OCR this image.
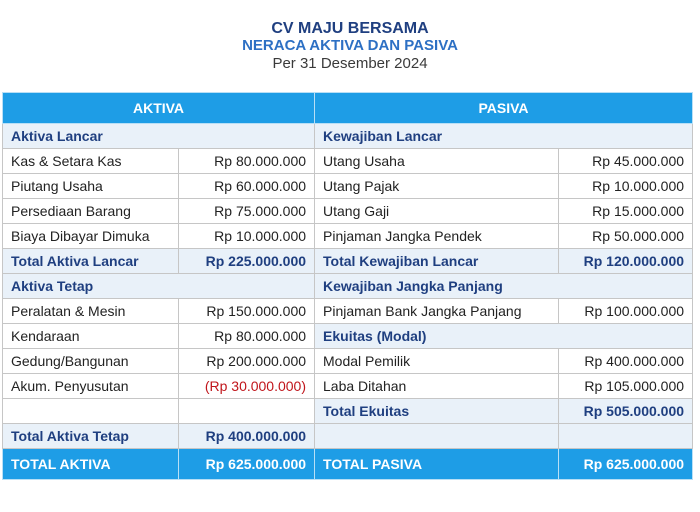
CV MAJU BERSAMA
NERACA AKTIVA DAN PASIVA
Per 31 Desember 2024
AKTIVA		PASIVA	
Aktiva Lancar		Kewajiban Lancar	
Kas & Setara Kas	Rp 80.000.000	Utang Usaha	Rp 45.000.000
Piutang Usaha	Rp 60.000.000	Utang Pajak	Rp 10.000.000
Persediaan Barang	Rp 75.000.000	Utang Gaji	Rp 15.000.000
Biaya Dibayar Dimuka	Rp 10.000.000	Pinjaman Jangka Pendek	Rp 50.000.000
Total Aktiva Lancar	Rp 225.000.000	Total Kewajiban Lancar	Rp 120.000.000
Aktiva Tetap		Kewajiban Jangka Panjang	
Peralatan & Mesin	Rp 150.000.000	Pinjaman Bank Jangka Panjang	Rp 100.000.000
Kendaraan	Rp 80.000.000	Ekuitas (Modal)	
Gedung/Bangunan	Rp 200.000.000	Modal Pemilik	Rp 400.000.000
Akum. Penyusutan	(Rp 30.000.000)	Laba Ditahan	Rp 105.000.000
		Total Ekuitas	Rp 505.000.000
Total Aktiva Tetap	Rp 400.000.000		
TOTAL AKTIVA	Rp 625.000.000	TOTAL PASIVA	Rp 625.000.000
